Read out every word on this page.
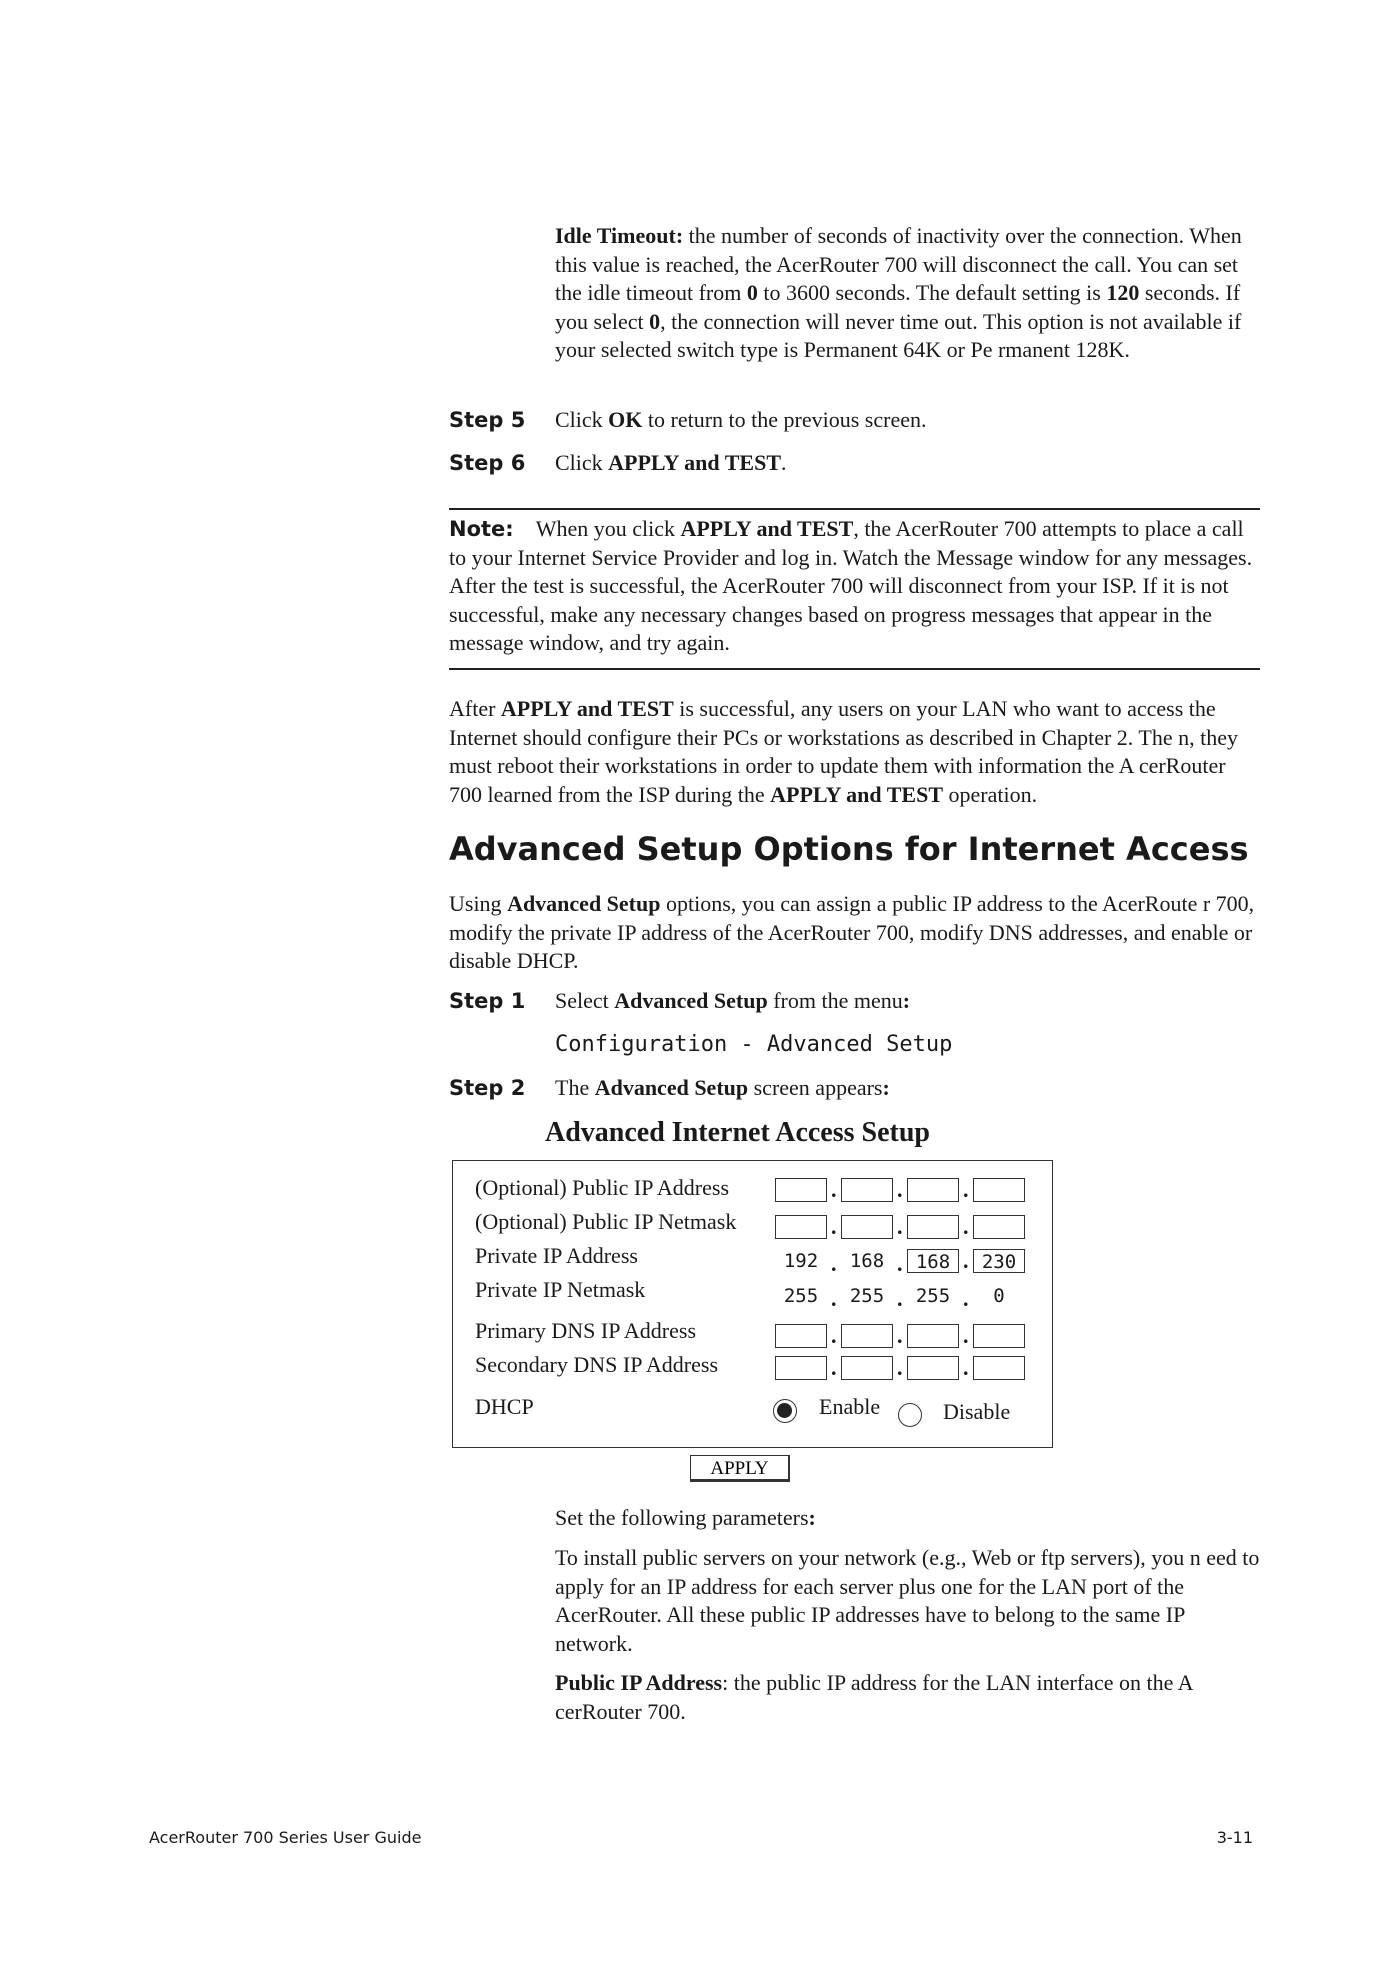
Idle Timeout: the number of seconds of inactivity over the connection. When this value is reached, the AcerRouter 700 will disconnect the call. You can set the idle timeout from 0 to 3600 seconds. The default setting is 120 seconds. If you select 0, the connection will never time out. This option is not available if your selected switch type is Permanent 64K or Pe rmanent 128K.
Step 5 Click OK to return to the previous screen.
Step 6 Click APPLY and TEST.
Note: When you click APPLY and TEST, the AcerRouter 700 attempts to place a call to your Internet Service Provider and log in. Watch the Message window for any messages. After the test is successful, the AcerRouter 700 will disconnect from your ISP. If it is not successful, make any necessary changes based on progress messages that appear in the message window, and try again.
After APPLY and TEST is successful, any users on your LAN who want to access the Internet should configure their PCs or workstations as described in Chapter 2. The n, they must reboot their workstations in order to update them with information the A cerRouter 700 learned from the ISP during the APPLY and TEST operation.
Advanced Setup Options for Internet Access
Using Advanced Setup options, you can assign a public IP address to the AcerRoute r 700, modify the private IP address of the AcerRouter 700, modify DNS addresses, and enable or disable DHCP.
Step 1 Select Advanced Setup from the menu:
Configuration - Advanced Setup
Step 2 The Advanced Setup screen appears:
Advanced Internet Access Setup
(Optional) Public IP Address	.	.	.
(Optional) Public IP Netmask	.	.	.
Private IP Address	192 . 168 . 168 . 230
Private IP Netmask	255 . 255 . 255 .	0
Primary DNS IP Address	.	.	.
Secondary DNS IP Address	.	.	.
DHCP	Enable	Disable
APPLY
Set the following parameters:
To install public servers on your network (e.g., Web or ftp servers), you n eed to apply for an IP address for each server plus one for the LAN port of the AcerRouter. All these public IP addresses have to belong to the same IP network.
Public IP Address: the public IP address for the LAN interface on the A cerRouter 700.
AcerRouter 700 Series User Guide	3-11
